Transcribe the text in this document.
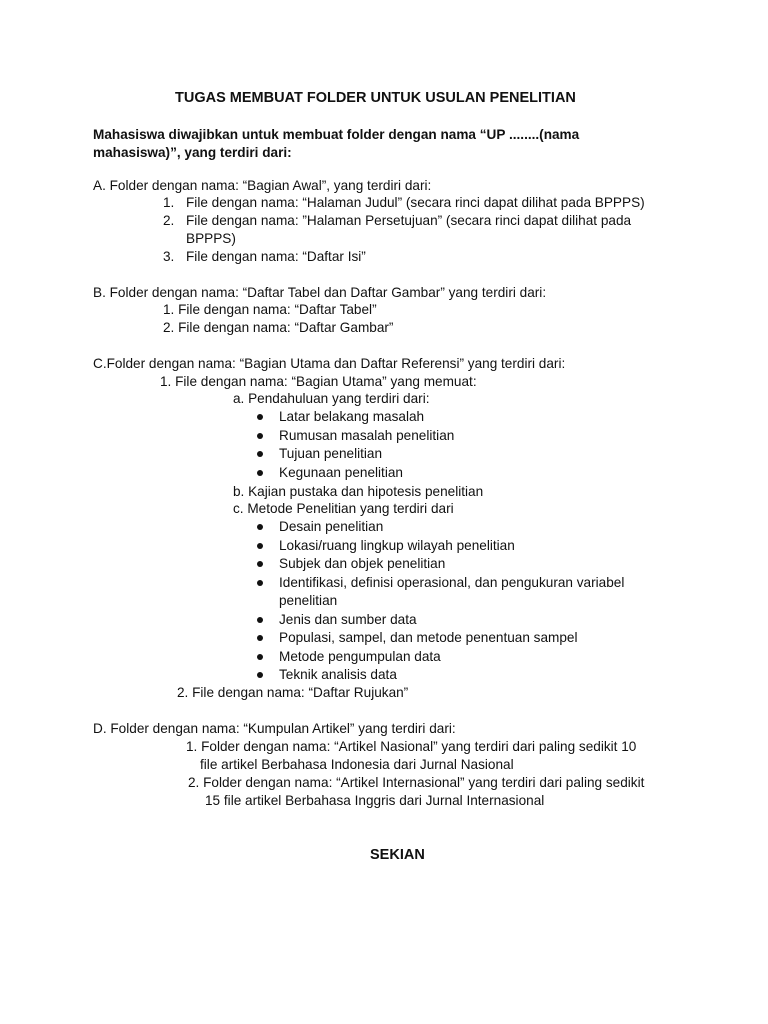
TUGAS MEMBUAT FOLDER UNTUK USULAN PENELITIAN
Mahasiswa diwajibkan untuk membuat folder dengan nama “UP ........(nama
mahasiswa)”, yang terdiri dari:
A. Folder dengan nama: “Bagian Awal”, yang terdiri dari:
1. File dengan nama: “Halaman Judul” (secara rinci dapat dilihat pada BPPPS)
2. File dengan nama: ”Halaman Persetujuan” (secara rinci dapat dilihat pada
BPPPS)
3. File dengan nama: “Daftar Isi”
B. Folder dengan nama: “Daftar Tabel dan Daftar Gambar” yang terdiri dari:
1. File dengan nama: “Daftar Tabel”
2. File dengan nama: “Daftar Gambar”
C.Folder dengan nama: “Bagian Utama dan Daftar Referensi” yang terdiri dari:
1. File dengan nama: “Bagian Utama” yang memuat:
a. Pendahuluan yang terdiri dari:
Latar belakang masalah
Rumusan masalah penelitian
Tujuan penelitian
Kegunaan penelitian
b. Kajian pustaka dan hipotesis penelitian
c. Metode Penelitian yang terdiri dari
Desain penelitian
Lokasi/ruang lingkup wilayah penelitian
Subjek dan objek penelitian
Identifikasi, definisi operasional, dan pengukuran variabel
penelitian
Jenis dan sumber data
Populasi, sampel, dan metode penentuan sampel
Metode pengumpulan data
Teknik analisis data
2. File dengan nama: “Daftar Rujukan”
D. Folder dengan nama: “Kumpulan Artikel” yang terdiri dari:
1. Folder dengan nama: “Artikel Nasional” yang terdiri dari paling sedikit 10
file artikel Berbahasa Indonesia dari Jurnal Nasional
2. Folder dengan nama: “Artikel Internasional” yang terdiri dari paling sedikit
15 file artikel Berbahasa Inggris dari Jurnal Internasional
SEKIAN
